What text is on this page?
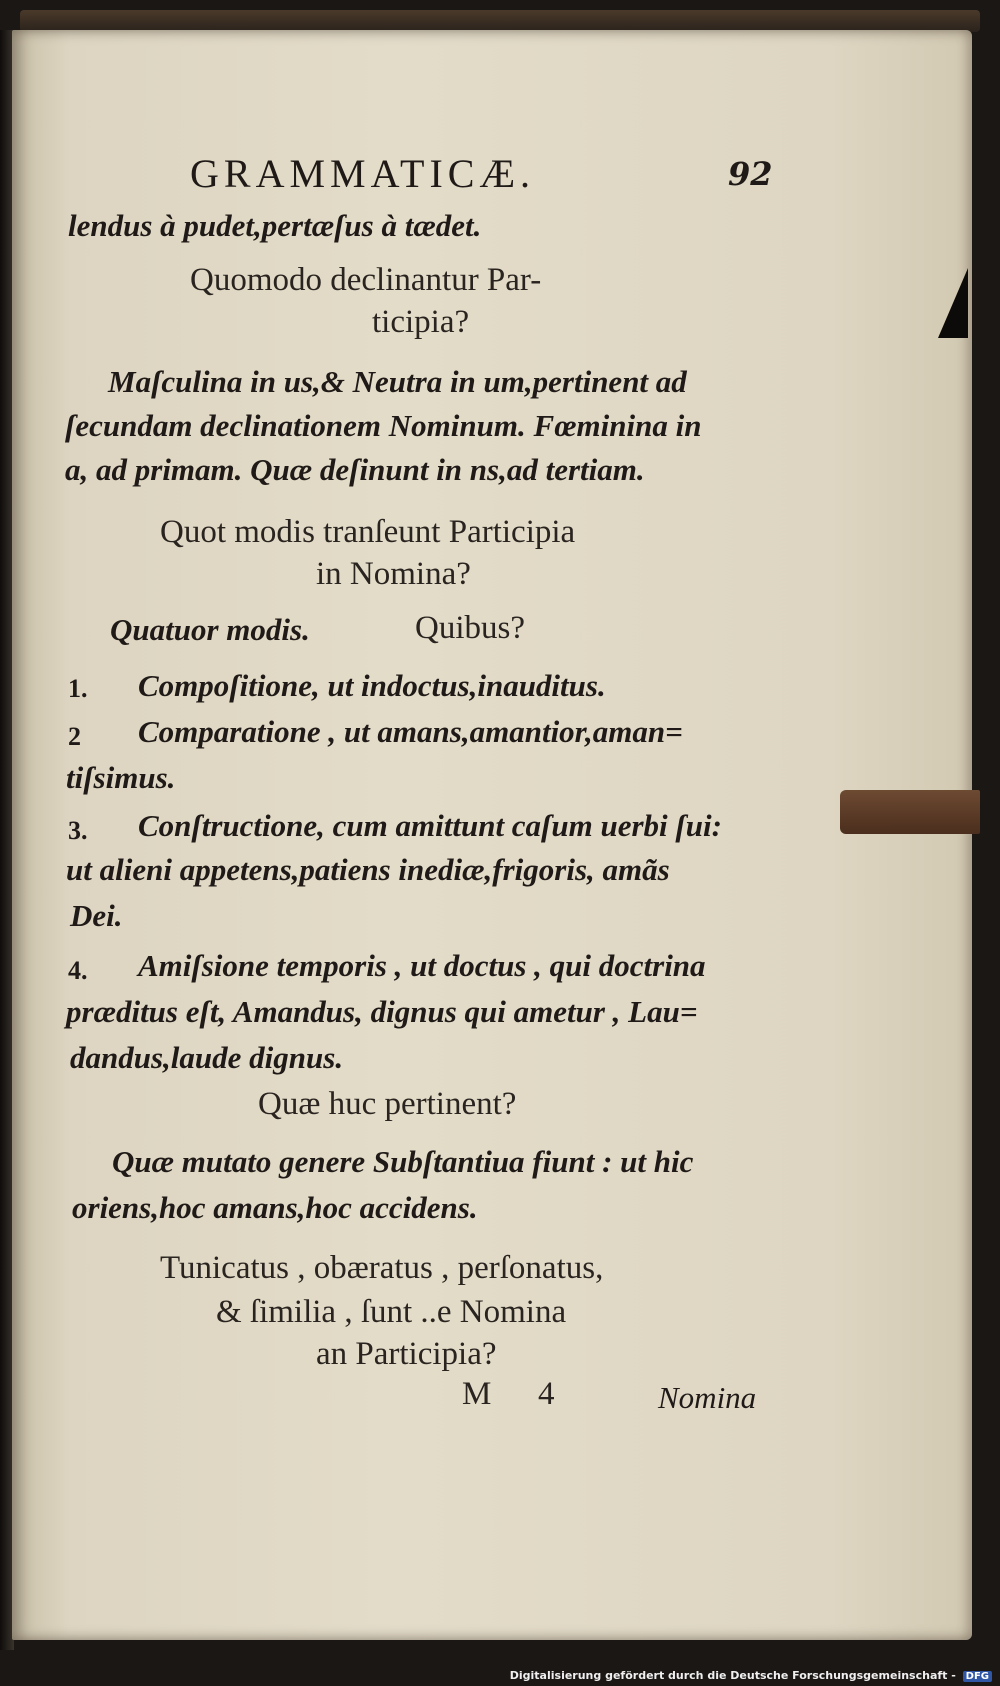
GRAMMATICÆ.	92
lendus à pudet,pertæſus à tædet.
Quomodo declinantur Par-
ticipia?
Maſculina in us,& Neutra in um,pertinent ad
ſecundam declinationem Nominum. Fœminina in
a, ad primam. Quæ deſinunt in ns,ad tertiam.
Quot modis tranſeunt Participia
in Nomina?
Quatuor modis.	Quibus?
1. Compoſitione, ut indoctus,inauditus.
2 Comparatione , ut amans,amantior,aman=
tiſsimus.
3. Conſtructione, cum amittunt caſum uerbi ſui:
ut alieni appetens,patiens inediæ,frigoris, amãs
Dei.
4. Amiſsione temporis , ut doctus , qui doctrina
præditus eſt, Amandus, dignus qui ametur , Lau=
dandus,laude dignus.
Quæ huc pertinent?
Quæ mutato genere Subſtantiua fiunt : ut hic
oriens,hoc amans,hoc accidens.
Tunicatus , obæratus , perſonatus,
& ſimilia , ſunt ..e Nomina
an Participia?
M 4	Nomina
Digitalisierung gefördert durch die Deutsche Forschungsgemeinschaft - DFG
